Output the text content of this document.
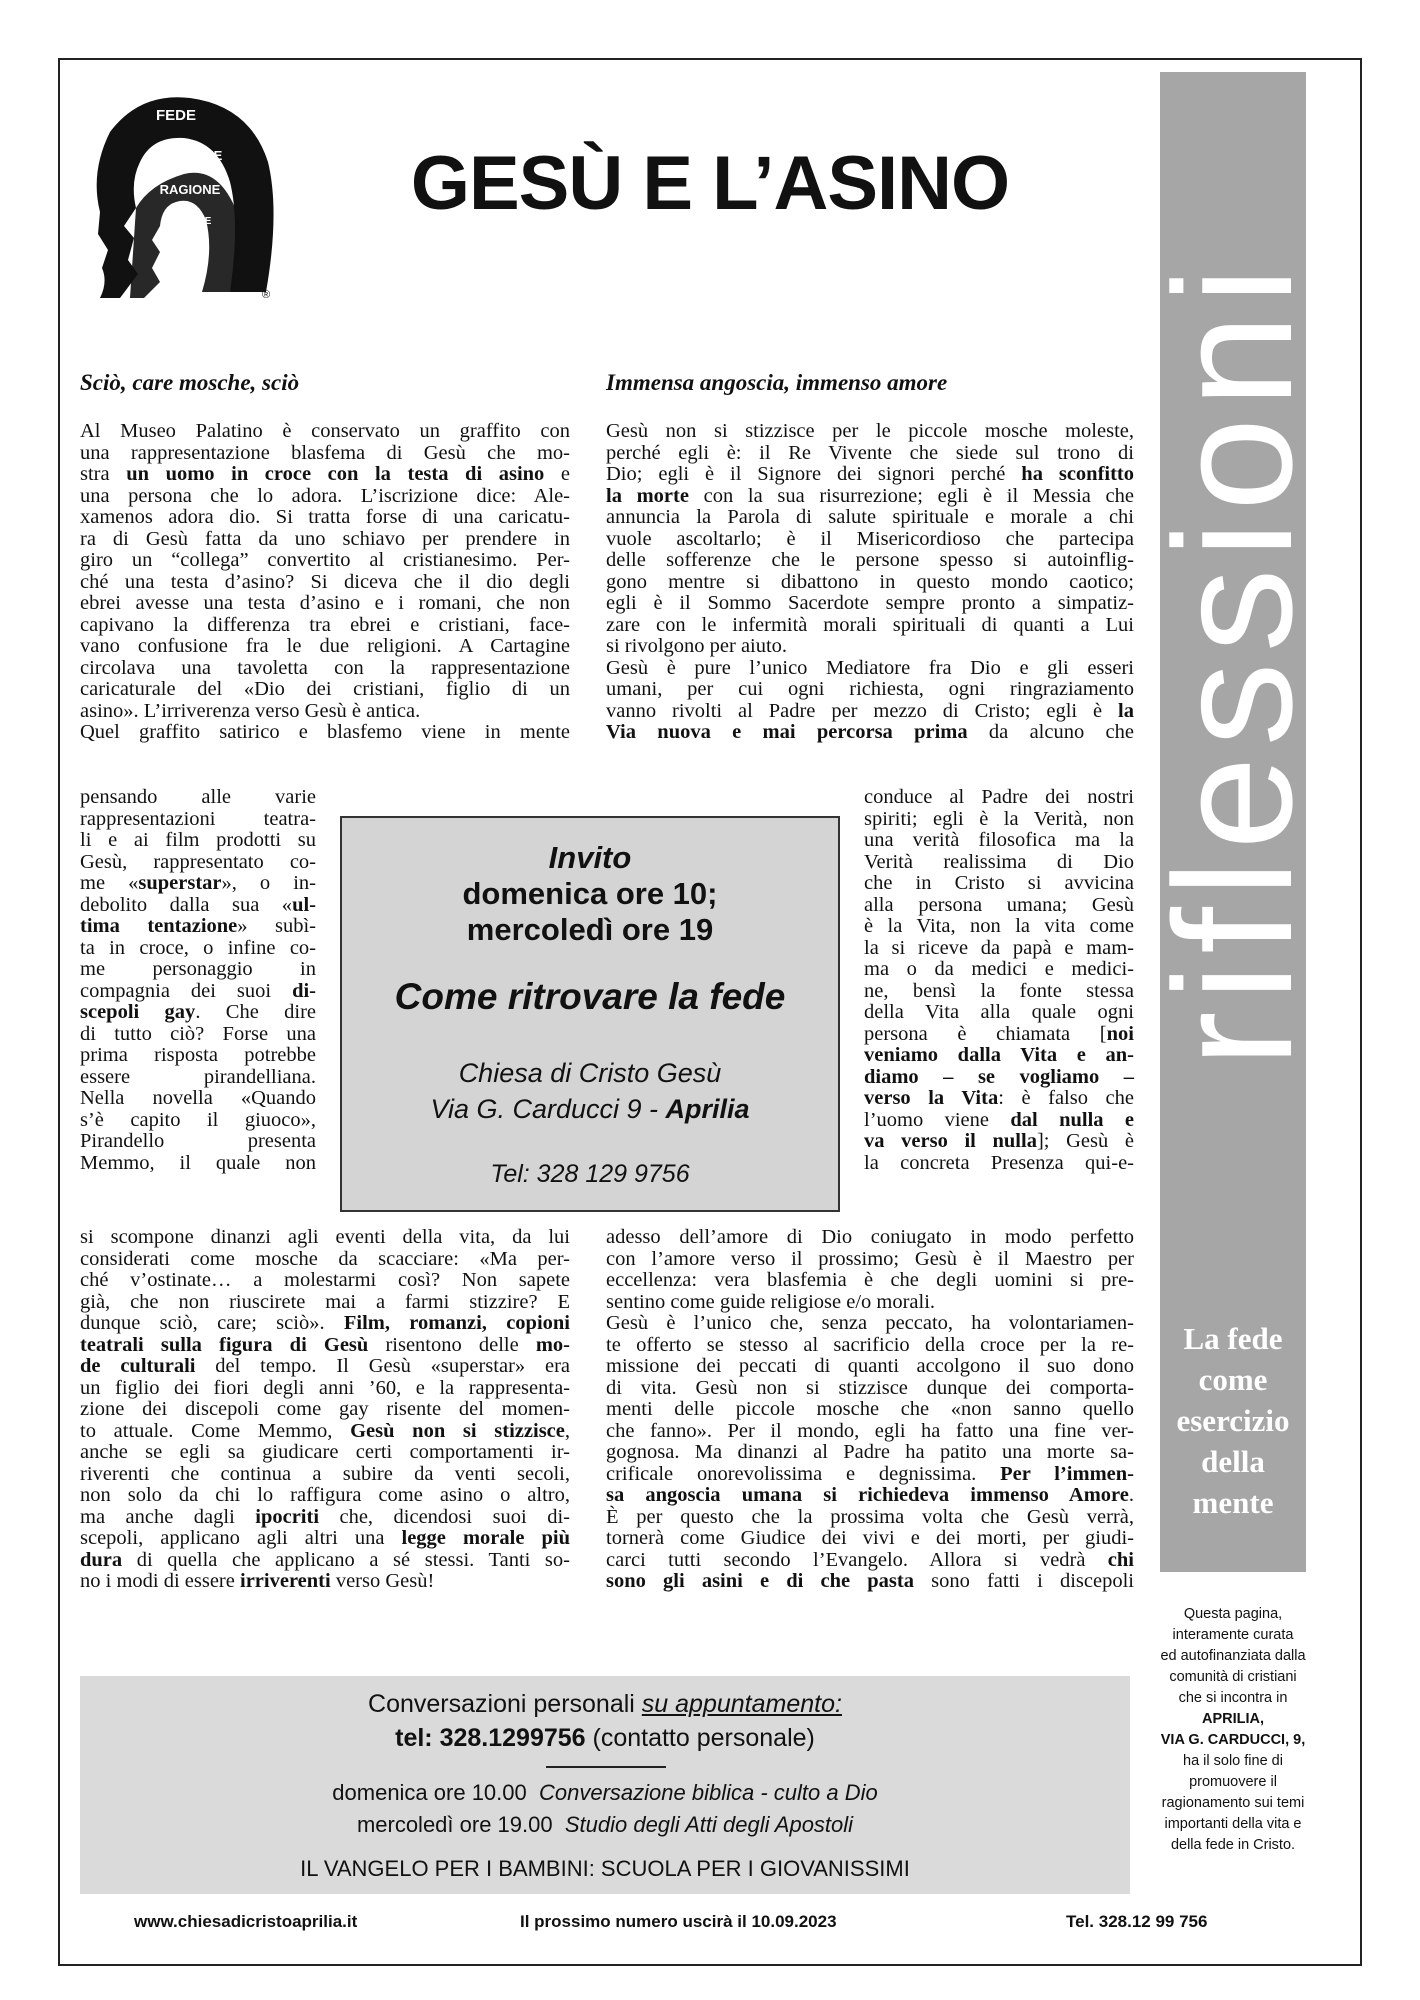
FEDE
RAGIONE
RAGIONE
FEDE
®
GESÙ E L’ASINO
riflessioni
La fede
come
esercizio
della
mente
Questa pagina,
interamente curata
ed autofinanziata dalla
comunità di cristiani
che si incontra in
APRILIA,
VIA G. CARDUCCI, 9,
ha il solo fine di
promuovere il
ragionamento sui temi
importanti della vita e
della fede in Cristo.
Sciò, care mosche, sciò
Al Museo Palatino è conservato un graffito con
una rappresentazione blasfema di Gesù che mo-
stra un uomo in croce con la testa di asino e
una persona che lo adora. L’iscrizione dice: Ale-
xamenos adora dio. Si tratta forse di una caricatu-
ra di Gesù fatta da uno schiavo per prendere in
giro un “collega” convertito al cristianesimo. Per-
ché una testa d’asino? Si diceva che il dio degli
ebrei avesse una testa d’asino e i romani, che non
capivano la differenza tra ebrei e cristiani, face-
vano confusione fra le due religioni. A Cartagine
circolava una tavoletta con la rappresentazione
caricaturale del «Dio dei cristiani, figlio di un
asino». L’irriverenza verso Gesù è antica.
Quel graffito satirico e blasfemo viene in mente
pensando alle varie
rappresentazioni teatra-
li e ai film prodotti su
Gesù, rappresentato co-
me «superstar», o in-
debolito dalla sua «ul-
tima tentazione» subì-
ta in croce, o infine co-
me personaggio in
compagnia dei suoi di-
scepoli gay. Che dire
di tutto ciò? Forse una
prima risposta potrebbe
essere pirandelliana.
Nella novella «Quando
s’è capito il giuoco»,
Pirandello presenta
Memmo, il quale non
si scompone dinanzi agli eventi della vita, da lui
considerati come mosche da scacciare: «Ma per-
ché v’ostinate… a molestarmi così? Non sapete
già, che non riuscirete mai a farmi stizzire? E
dunque sciò, care; sciò». Film, romanzi, copioni
teatrali sulla figura di Gesù risentono delle mo-
de culturali del tempo. Il Gesù «superstar» era
un figlio dei fiori degli anni ’60, e la rappresenta-
zione dei discepoli come gay risente del momen-
to attuale. Come Memmo, Gesù non si stizzisce,
anche se egli sa giudicare certi comportamenti ir-
riverenti che continua a subire da venti secoli,
non solo da chi lo raffigura come asino o altro,
ma anche dagli ipocriti che, dicendosi suoi di-
scepoli, applicano agli altri una legge morale più
dura di quella che applicano a sé stessi. Tanti so-
no i modi di essere irriverenti verso Gesù!
Immensa angoscia, immenso amore
Gesù non si stizzisce per le piccole mosche moleste,
perché egli è: il Re Vivente che siede sul trono di
Dio; egli è il Signore dei signori perché ha sconfitto
la morte con la sua risurrezione; egli è il Messia che
annuncia la Parola di salute spirituale e morale a chi
vuole ascoltarlo; è il Misericordioso che partecipa
delle sofferenze che le persone spesso si autoinflig-
gono mentre si dibattono in questo mondo caotico;
egli è il Sommo Sacerdote sempre pronto a simpatiz-
zare con le infermità morali spirituali di quanti a Lui
si rivolgono per aiuto.
Gesù è pure l’unico Mediatore fra Dio e gli esseri
umani, per cui ogni richiesta, ogni ringraziamento
vanno rivolti al Padre per mezzo di Cristo; egli è la
Via nuova e mai percorsa prima da alcuno che
conduce al Padre dei nostri
spiriti; egli è la Verità, non
una verità filosofica ma la
Verità realissima di Dio
che in Cristo si avvicina
alla persona umana; Gesù
è la Vita, non la vita come
la si riceve da papà e mam-
ma o da medici e medici-
ne, bensì la fonte stessa
della Vita alla quale ogni
persona è chiamata [noi
veniamo dalla Vita e an-
diamo – se vogliamo –
verso la Vita: è falso che
l’uomo viene dal nulla e
va verso il nulla]; Gesù è
la concreta Presenza qui-e-
adesso dell’amore di Dio coniugato in modo perfetto
con l’amore verso il prossimo; Gesù è il Maestro per
eccellenza: vera blasfemia è che degli uomini si pre-
sentino come guide religiose e/o morali.
Gesù è l’unico che, senza peccato, ha volontariamen-
te offerto se stesso al sacrificio della croce per la re-
missione dei peccati di quanti accolgono il suo dono
di vita. Gesù non si stizzisce dunque dei comporta-
menti delle piccole mosche che «non sanno quello
che fanno». Per il mondo, egli ha fatto una fine ver-
gognosa. Ma dinanzi al Padre ha patito una morte sa-
crificale onorevolissima e degnissima. Per l’immen-
sa angoscia umana si richiedeva immenso Amore.
È per questo che la prossima volta che Gesù verrà,
tornerà come Giudice dei vivi e dei morti, per giudi-
carci tutti secondo l’Evangelo. Allora si vedrà chi
sono gli asini e di che pasta sono fatti i discepoli
Invito
domenica ore 10;
mercoledì ore 19
Come ritrovare la fede
Chiesa di Cristo Gesù
Via G. Carducci 9 - Aprilia
Tel: 328 129 9756
Conversazioni personali su appuntamento:
tel: 328.1299756 (contatto personale)
domenica ore 10.00 Conversazione biblica - culto a Dio
mercoledì ore 19.00 Studio degli Atti degli Apostoli
IL VANGELO PER I BAMBINI: SCUOLA PER I GIOVANISSIMI
www.chiesadicristoaprilia.it	Il prossimo numero uscirà il 10.09.2023	Tel. 328.12 99 756
